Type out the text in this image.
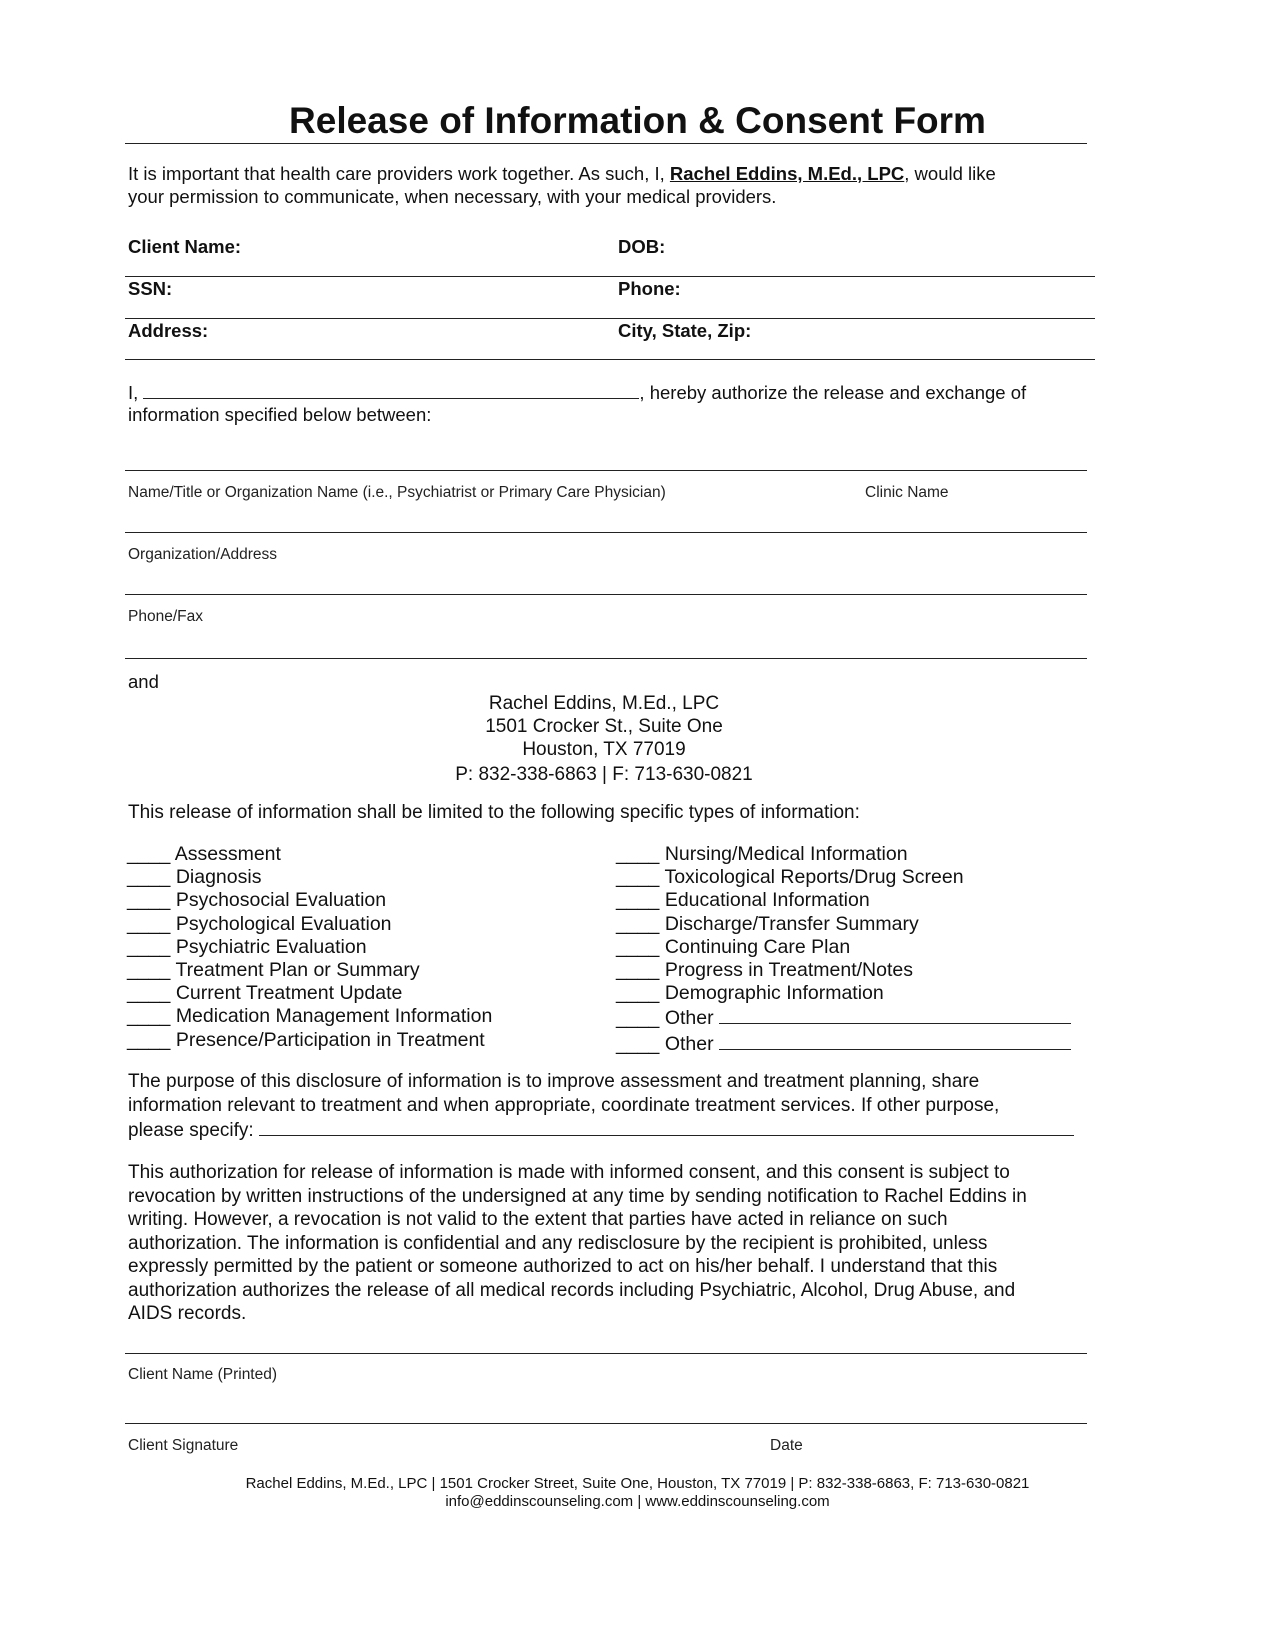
Release of Information & Consent Form
It is important that health care providers work together. As such, I, Rachel Eddins, M.Ed., LPC, would like
your permission to communicate, when necessary, with your medical providers.
Client Name:	DOB:
SSN:	Phone:
Address:	City, State, Zip:
I,	, hereby authorize the release and exchange of
information specified below between:
Name/Title or Organization Name (i.e., Psychiatrist or Primary Care Physician)	Clinic Name
Organization/Address
Phone/Fax
and
Rachel Eddins, M.Ed., LPC
1501 Crocker St., Suite One
Houston, TX 77019
P: 832-338-6863 | F: 713-630-0821
This release of information shall be limited to the following specific types of information:
____ Assessment
____ Diagnosis
____ Psychosocial Evaluation
____ Psychological Evaluation
____ Psychiatric Evaluation
____ Treatment Plan or Summary
____ Current Treatment Update
____ Medication Management Information
____ Presence/Participation in Treatment
____ Nursing/Medical Information
____ Toxicological Reports/Drug Screen
____ Educational Information
____ Discharge/Transfer Summary
____ Continuing Care Plan
____ Progress in Treatment/Notes
____ Demographic Information
____ Other
____ Other
The purpose of this disclosure of information is to improve assessment and treatment planning, share
information relevant to treatment and when appropriate, coordinate treatment services. If other purpose,
please specify:
This authorization for release of information is made with informed consent, and this consent is subject to
revocation by written instructions of the undersigned at any time by sending notification to Rachel Eddins in
writing. However, a revocation is not valid to the extent that parties have acted in reliance on such
authorization. The information is confidential and any redisclosure by the recipient is prohibited, unless
expressly permitted by the patient or someone authorized to act on his/her behalf. I understand that this
authorization authorizes the release of all medical records including Psychiatric, Alcohol, Drug Abuse, and
AIDS records.
Client Name (Printed)
Client Signature	Date
Rachel Eddins, M.Ed., LPC | 1501 Crocker Street, Suite One, Houston, TX 77019 | P: 832-338-6863, F: 713-630-0821
info@eddinscounseling.com | www.eddinscounseling.com
